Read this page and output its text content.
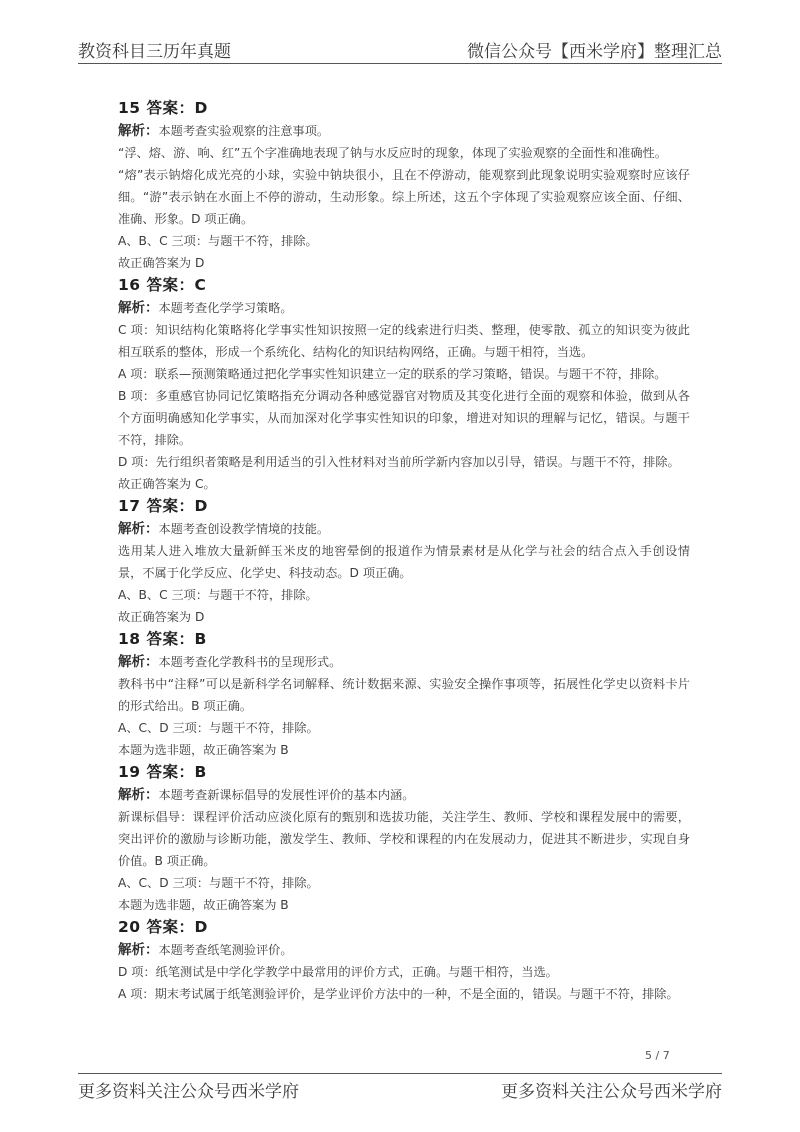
教资科目三历年真题	微信公众号【西米学府】整理汇总
15 答案：D
解析：本题考查实验观察的注意事项。
“浮、熔、游、响、红”五个字准确地表现了钠与水反应时的现象，体现了实验观察的全面性和准确性。
“熔”表示钠熔化成光亮的小球，实验中钠块很小，且在不停游动，能观察到此现象说明实验观察时应该仔细。“游”表示钠在水面上不停的游动，生动形象。综上所述，这五个字体现了实验观察应该全面、仔细、准确、形象。D 项正确。
A、B、C 三项：与题干不符，排除。
故正确答案为 D
16 答案：C
解析：本题考查化学学习策略。
C 项：知识结构化策略将化学事实性知识按照一定的线索进行归类、整理，使零散、孤立的知识变为彼此相互联系的整体，形成一个系统化、结构化的知识结构网络，正确。与题干相符，当选。
A 项：联系—预测策略通过把化学事实性知识建立一定的联系的学习策略，错误。与题干不符，排除。
B 项：多重感官协同记忆策略指充分调动各种感觉器官对物质及其变化进行全面的观察和体验，做到从各个方面明确感知化学事实，从而加深对化学事实性知识的印象，增进对知识的理解与记忆，错误。与题干不符，排除。
D 项：先行组织者策略是利用适当的引入性材料对当前所学新内容加以引导，错误。与题干不符，排除。
故正确答案为 C。
17 答案：D
解析：本题考查创设教学情境的技能。
选用某人进入堆放大量新鲜玉米皮的地窖晕倒的报道作为情景素材是从化学与社会的结合点入手创设情景，不属于化学反应、化学史、科技动态。D 项正确。
A、B、C 三项：与题干不符，排除。
故正确答案为 D
18 答案：B
解析：本题考查化学教科书的呈现形式。
教科书中“注释”可以是新科学名词解释、统计数据来源、实验安全操作事项等，拓展性化学史以资料卡片的形式给出。B 项正确。
A、C、D 三项：与题干不符，排除。
本题为选非题，故正确答案为 B
19 答案：B
解析：本题考查新课标倡导的发展性评价的基本内涵。
新课标倡导：课程评价活动应淡化原有的甄别和选拔功能，关注学生、教师、学校和课程发展中的需要，突出评价的激励与诊断功能，激发学生、教师、学校和课程的内在发展动力，促进其不断进步，实现自身价值。B 项正确。
A、C、D 三项：与题干不符，排除。
本题为选非题，故正确答案为 B
20 答案：D
解析：本题考查纸笔测验评价。
D 项：纸笔测试是中学化学教学中最常用的评价方式，正确。与题干相符，当选。
A 项：期末考试属于纸笔测验评价，是学业评价方法中的一种，不是全面的，错误。与题干不符，排除。
5 / 7
更多资料关注公众号西米学府	更多资料关注公众号西米学府
